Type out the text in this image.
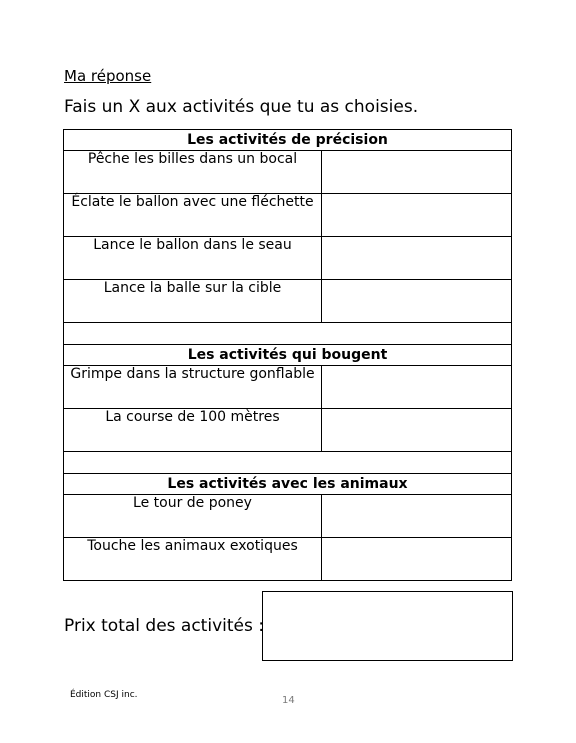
Ma réponse
Fais un X aux activités que tu as choisies.
Les activités de précision	
Pêche les billes dans un bocal	
Éclate le ballon avec une fléchette	
Lance le ballon dans le seau	
Lance la balle sur la cible	

Les activités qui bougent	
Grimpe dans la structure gonflable	
La course de 100 mètres	

Les activités avec les animaux	
Le tour de poney	
Touche les animaux exotiques	
Prix total des activités :
Édition CSJ inc.	14
